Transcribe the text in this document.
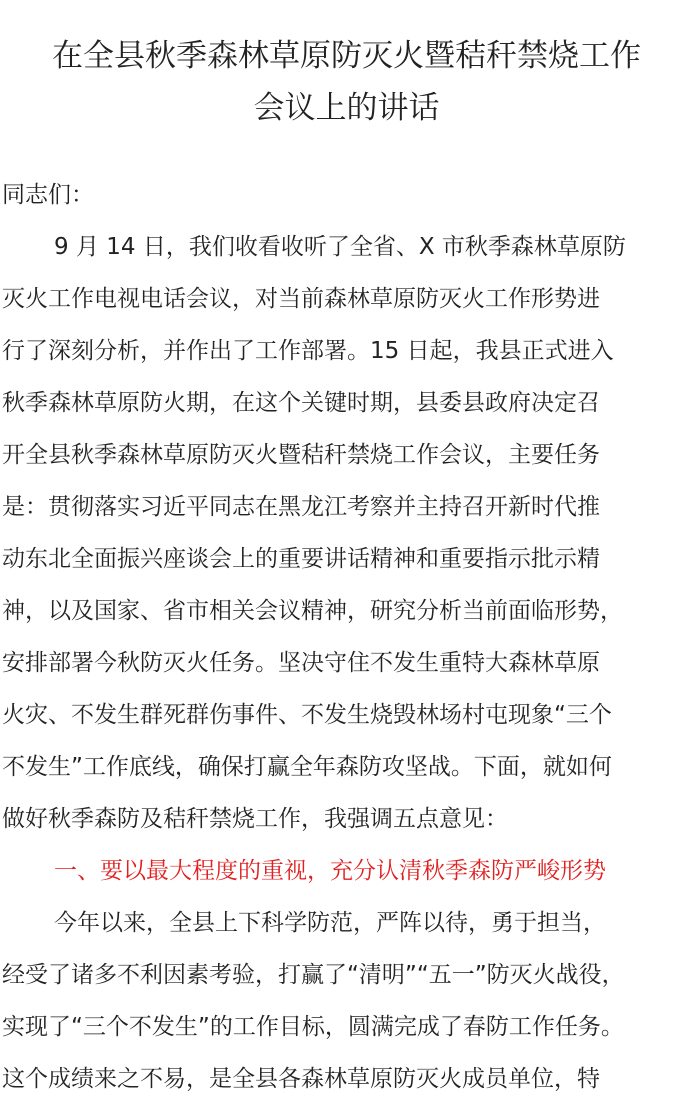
在全县秋季森林草原防灭火暨秸秆禁烧工作
会议上的讲话
同志们：
9 月 14 日，我们收看收听了全省、X 市秋季森林草原防
灭火工作电视电话会议，对当前森林草原防灭火工作形势进
行了深刻分析，并作出了工作部署。15 日起，我县正式进入
秋季森林草原防火期，在这个关键时期，县委县政府决定召
开全县秋季森林草原防灭火暨秸秆禁烧工作会议，主要任务
是：贯彻落实习近平同志在黑龙江考察并主持召开新时代推
动东北全面振兴座谈会上的重要讲话精神和重要指示批示精
神，以及国家、省市相关会议精神，研究分析当前面临形势，
安排部署今秋防灭火任务。坚决守住不发生重特大森林草原
火灾、不发生群死群伤事件、不发生烧毁林场村屯现象“三个
不发生”工作底线，确保打赢全年森防攻坚战。下面，就如何
做好秋季森防及秸秆禁烧工作，我强调五点意见：
一、要以最大程度的重视，充分认清秋季森防严峻形势
今年以来，全县上下科学防范，严阵以待，勇于担当，
经受了诸多不利因素考验，打赢了“清明”“五一”防灭火战役，
实现了“三个不发生”的工作目标，圆满完成了春防工作任务。
这个成绩来之不易，是全县各森林草原防灭火成员单位，特
